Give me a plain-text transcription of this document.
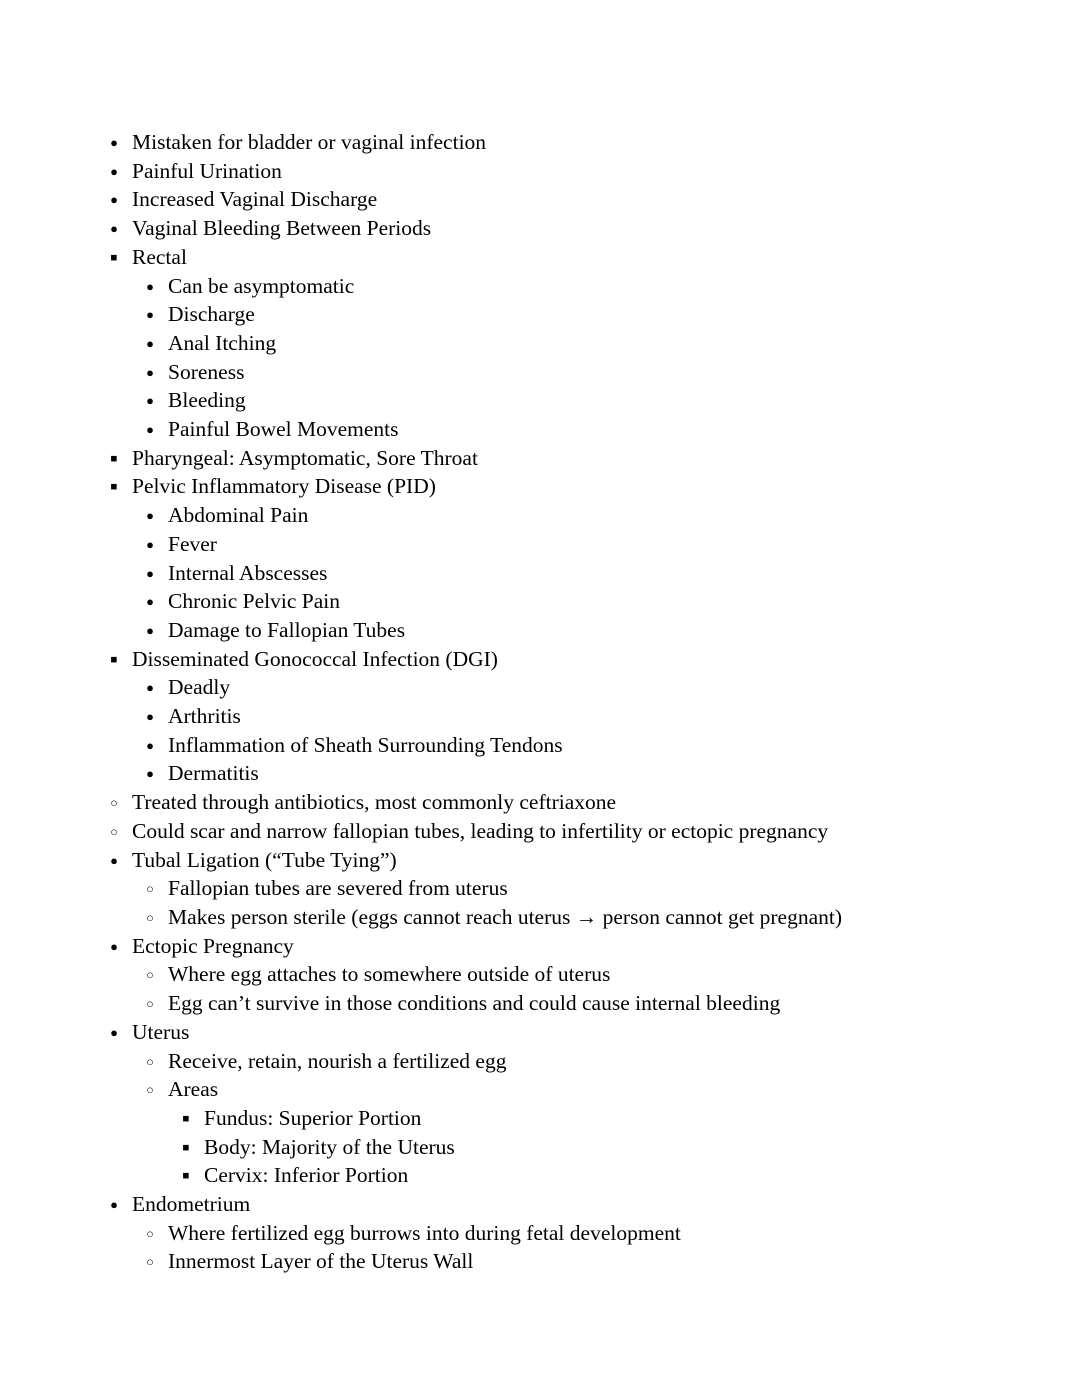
●
Mistaken for bladder or vaginal infection
●
Painful Urination
●
Increased Vaginal Discharge
●
Vaginal Bleeding Between Periods
■
Rectal
●
Can be asymptomatic
●
Discharge
●
Anal Itching
●
Soreness
●
Bleeding
●
Painful Bowel Movements
■
Pharyngeal: Asymptomatic, Sore Throat
■
Pelvic Inflammatory Disease (PID)
●
Abdominal Pain
●
Fever
●
Internal Abscesses
●
Chronic Pelvic Pain
●
Damage to Fallopian Tubes
■
Disseminated Gonococcal Infection (DGI)
●
Deadly
●
Arthritis
●
Inflammation of Sheath Surrounding Tendons
●
Dermatitis
○
Treated through antibiotics, most commonly ceftriaxone
○
Could scar and narrow fallopian tubes, leading to infertility or ectopic pregnancy
●
Tubal Ligation (“Tube Tying”)
○
Fallopian tubes are severed from uterus
○
Makes person sterile (eggs cannot reach uterus → person cannot get pregnant)
●
Ectopic Pregnancy
○
Where egg attaches to somewhere outside of uterus
○
Egg can’t survive in those conditions and could cause internal bleeding
●
Uterus
○
Receive, retain, nourish a fertilized egg
○
Areas
■
Fundus: Superior Portion
■
Body: Majority of the Uterus
■
Cervix: Inferior Portion
●
Endometrium
○
Where fertilized egg burrows into during fetal development
○
Innermost Layer of the Uterus Wall
